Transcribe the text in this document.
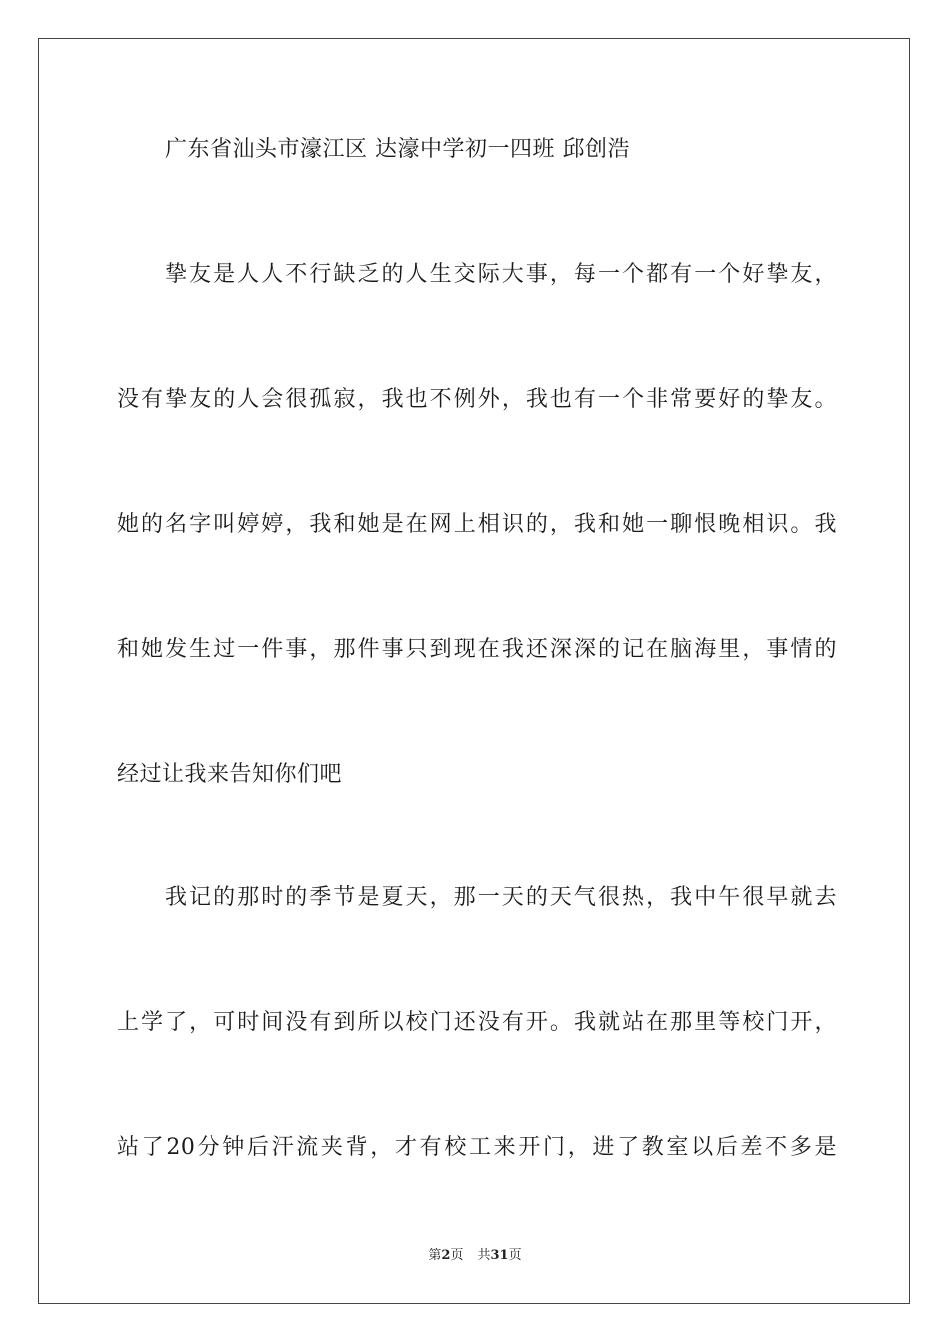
广东省汕头市濠江区 达濠中学初一四班 邱创浩
挚友是人人不行缺乏的人生交际大事，每一个都有一个好挚友，
没有挚友的人会很孤寂，我也不例外，我也有一个非常要好的挚友。
她的名字叫婷婷，我和她是在网上相识的，我和她一聊恨晚相识。我
和她发生过一件事，那件事只到现在我还深深的记在脑海里，事情的
经过让我来告知你们吧
我记的那时的季节是夏天，那一天的天气很热，我中午很早就去
上学了，可时间没有到所以校门还没有开。我就站在那里等校门开，
站了20分钟后汗流夹背，才有校工来开门，进了教室以后差不多是
第2页 共31页
